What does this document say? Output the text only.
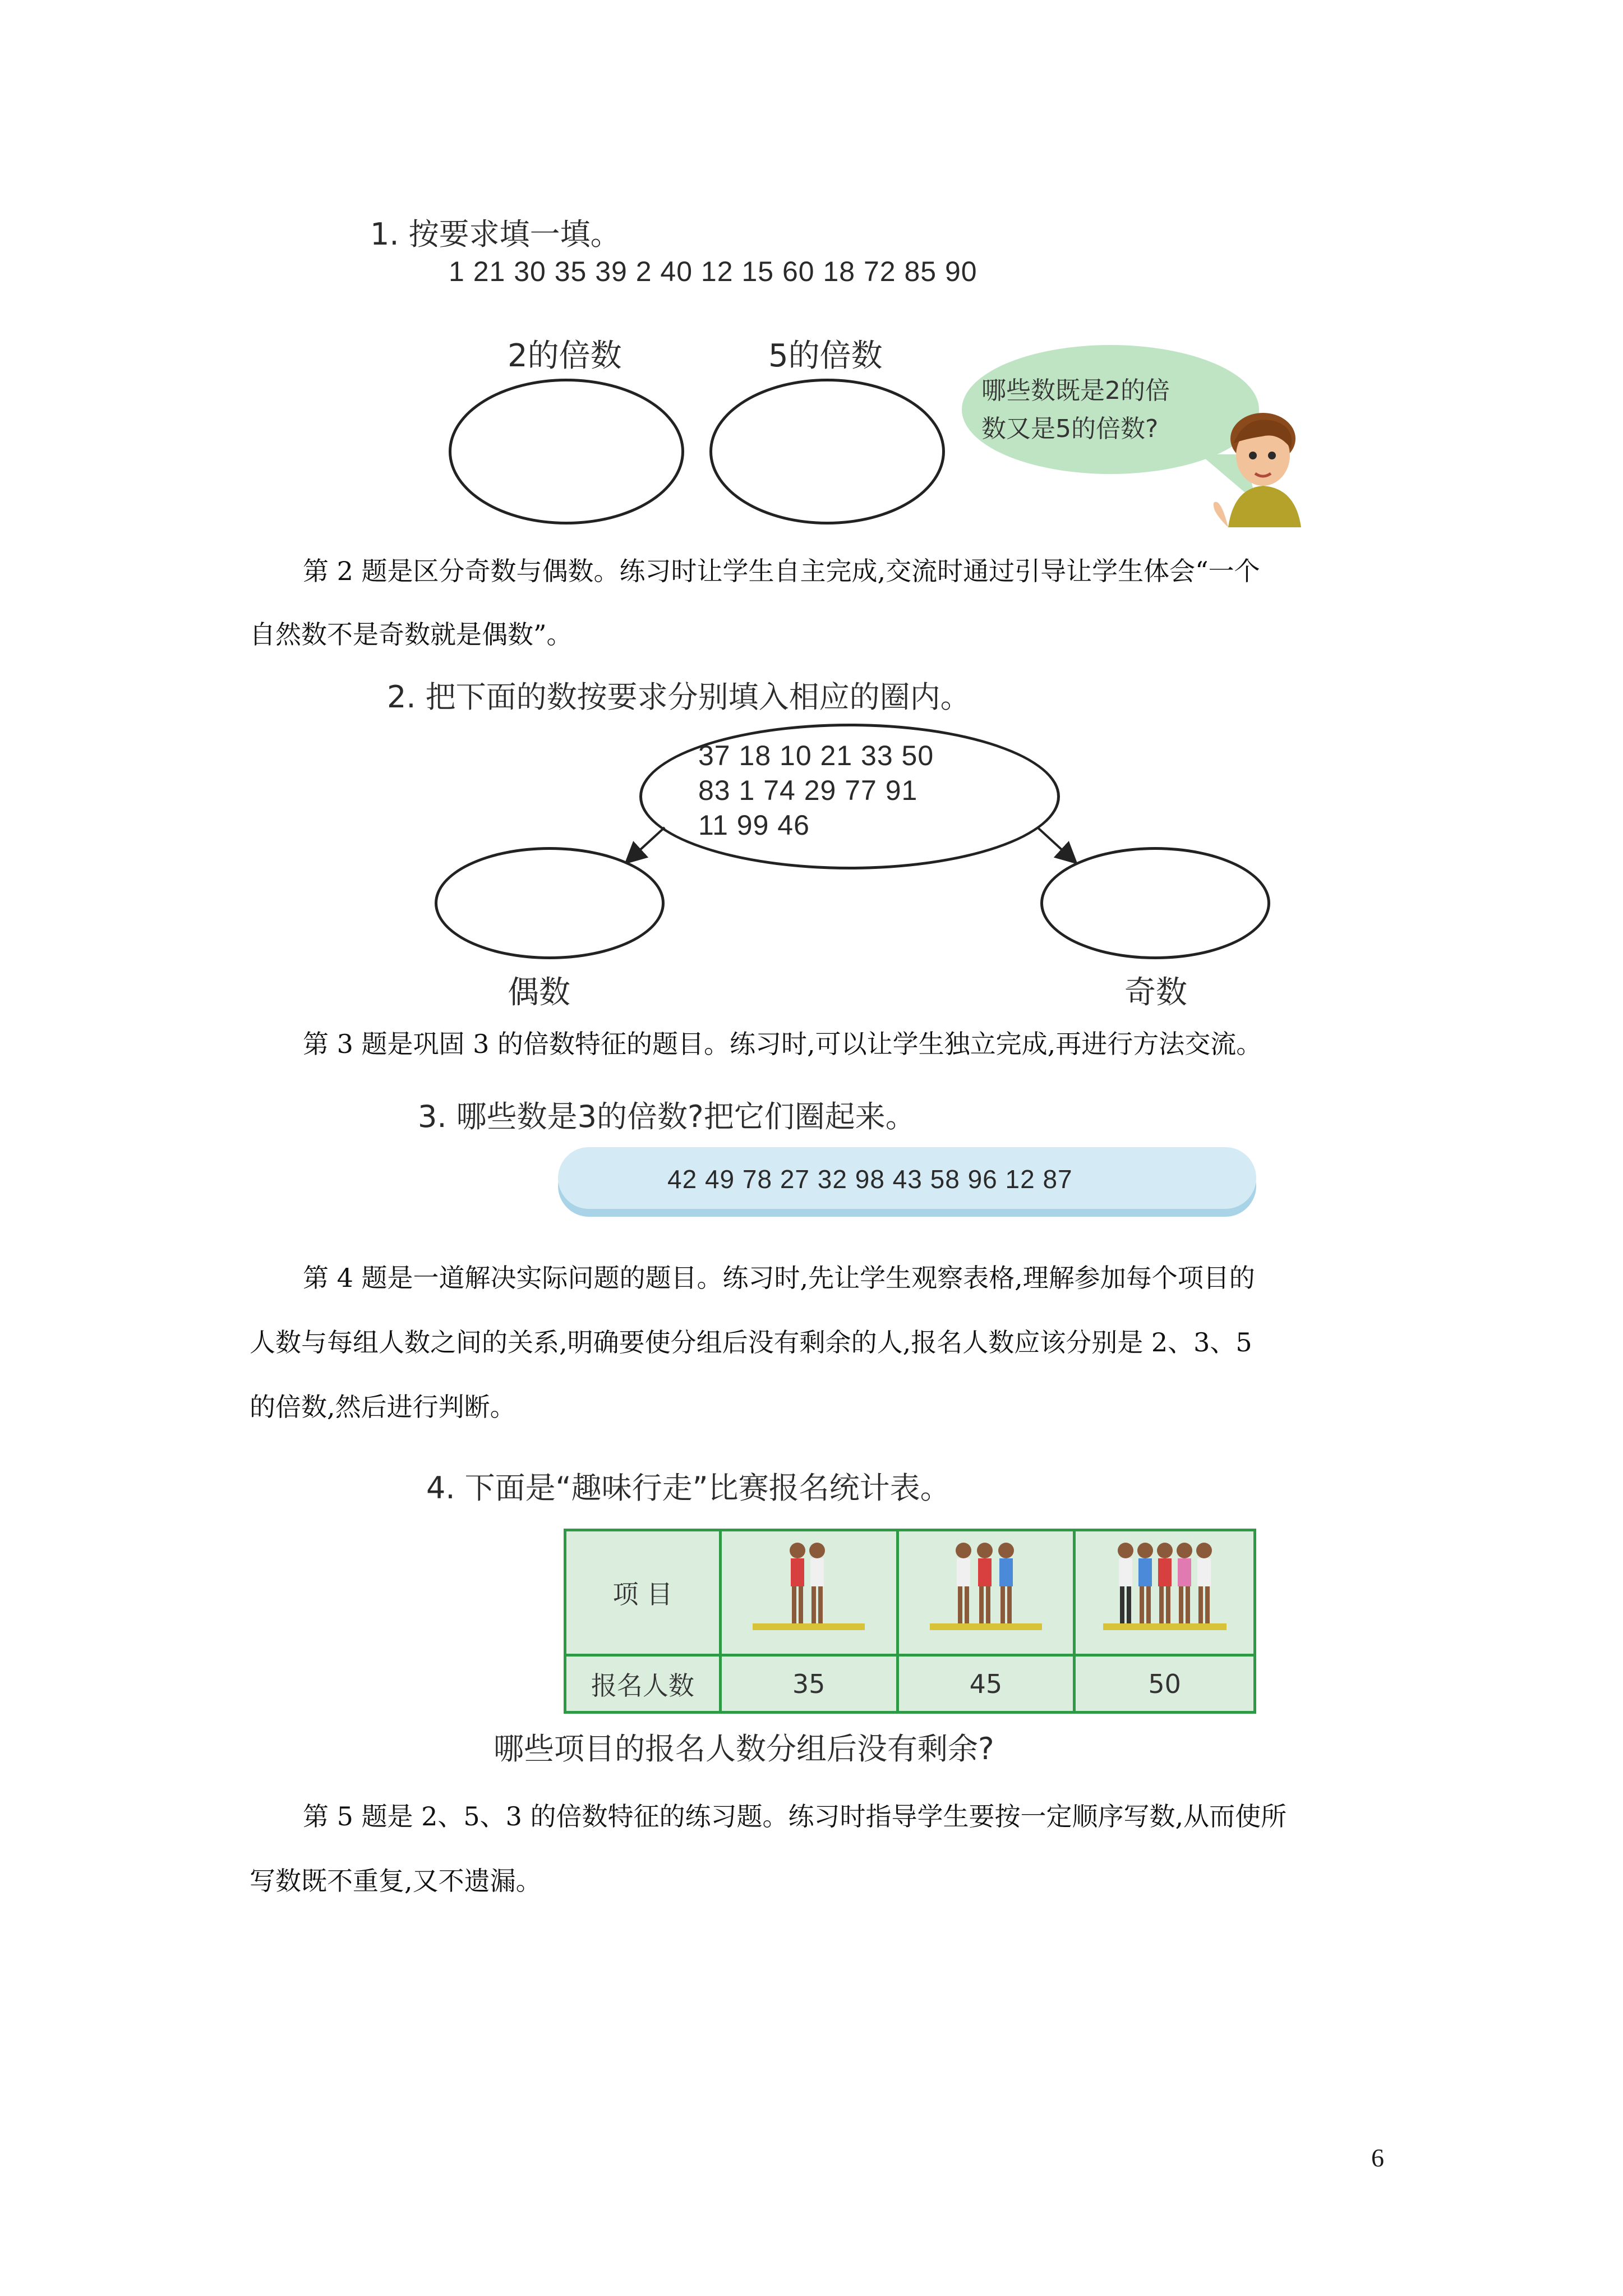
1. 按要求填一填。
1 21 30 35 39 2 40 12 15 60 18 72 85 90
2的倍数	5的倍数
哪些数既是2的倍
数又是5的倍数?
第 2 题是区分奇数与偶数。练习时让学生自主完成,交流时通过引导让学生体会“一个
自然数不是奇数就是偶数”。
2. 把下面的数按要求分别填入相应的圈内。
37 18 10 21 33 50
83 1 74 29 77 91
11 99 46
偶数	奇数
第 3 题是巩固 3 的倍数特征的题目。练习时,可以让学生独立完成,再进行方法交流。
3. 哪些数是3的倍数?把它们圈起来。
42 49 78 27 32 98 43 58 96 12 87
第 4 题是一道解决实际问题的题目。练习时,先让学生观察表格,理解参加每个项目的
人数与每组人数之间的关系,明确要使分组后没有剩余的人,报名人数应该分别是 2、3、5
的倍数,然后进行判断。
4. 下面是“趣味行走”比赛报名统计表。
项 目			
报名人数	35	45	50
哪些项目的报名人数分组后没有剩余?
第 5 题是 2、5、3 的倍数特征的练习题。练习时指导学生要按一定顺序写数,从而使所
写数既不重复,又不遗漏。
6
